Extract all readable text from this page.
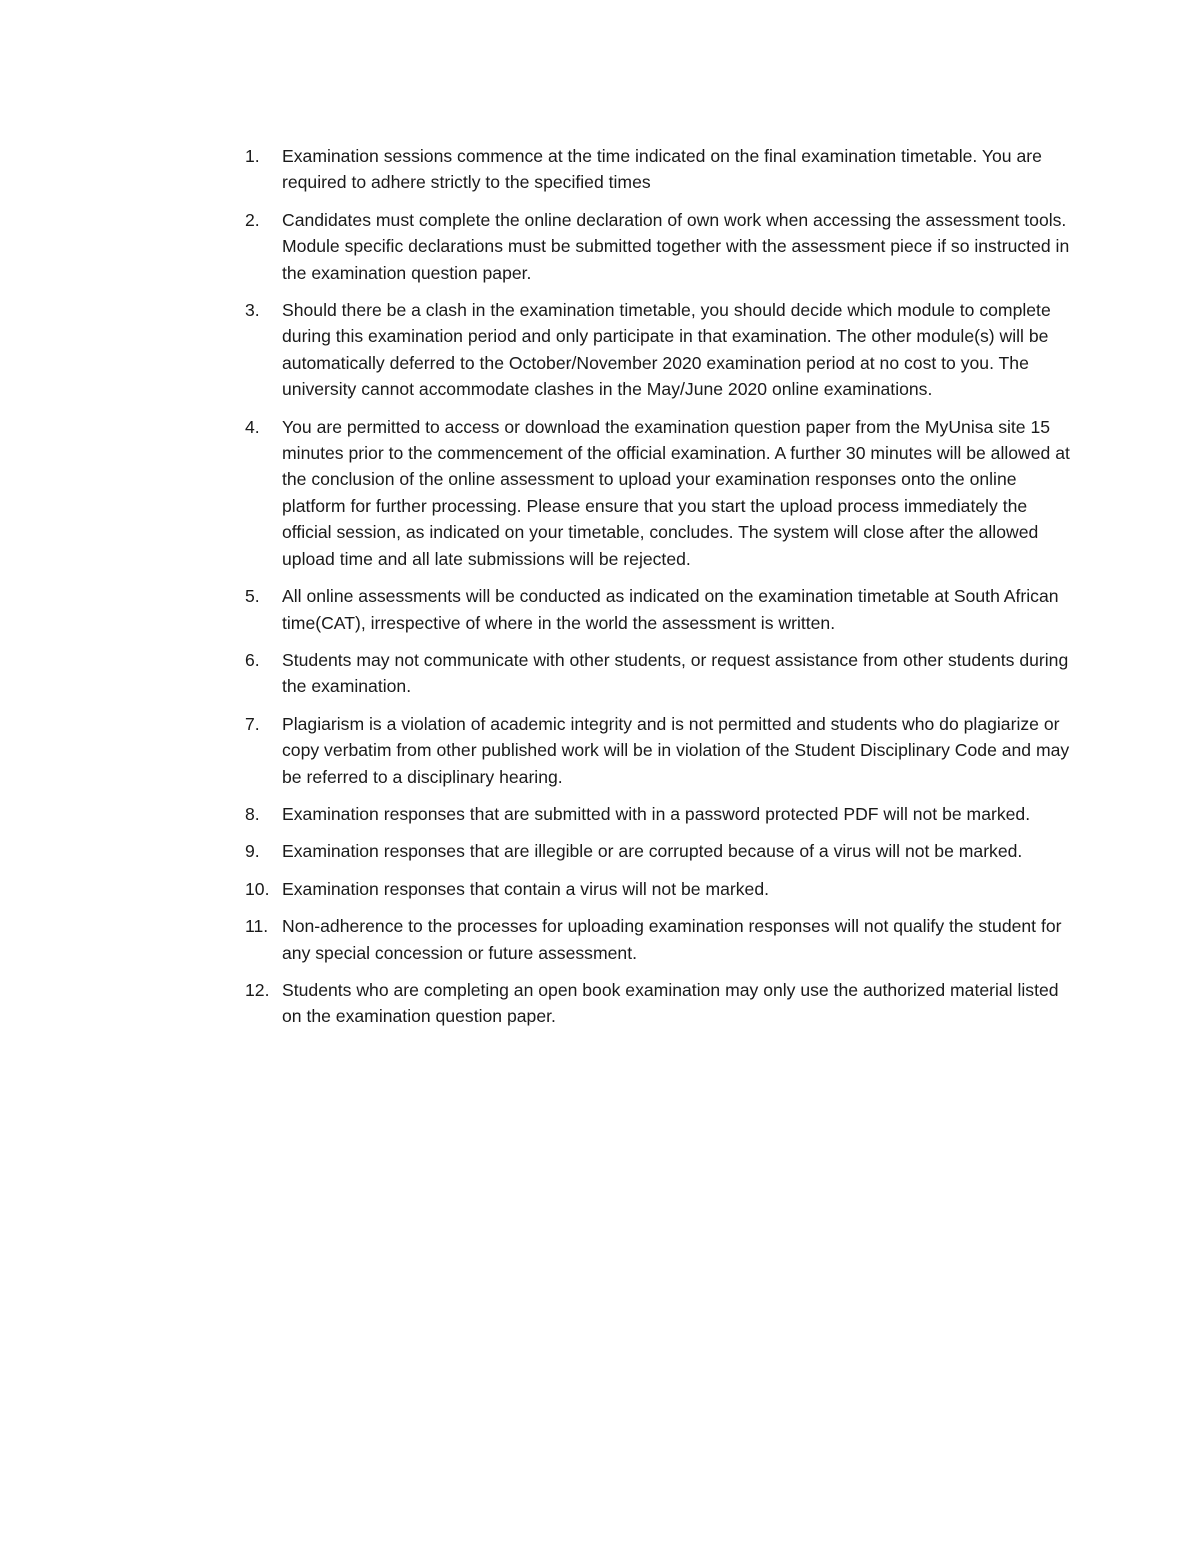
1.	Examination sessions commence at the time indicated on the final examination timetable. You are required to adhere strictly to the specified times
2.	Candidates must complete the online declaration of own work when accessing the assessment tools. Module specific declarations must be submitted together with the assessment piece if so instructed in the examination question paper.
3.	Should there be a clash in the examination timetable, you should decide which module to complete during this examination period and only participate in that examination. The other module(s) will be automatically deferred to the October/November 2020 examination period at no cost to you. The university cannot accommodate clashes in the May/June 2020 online examinations.
4.	You are permitted to access or download the examination question paper from the MyUnisa site 15 minutes prior to the commencement of the official examination. A further 30 minutes will be allowed at the conclusion of the online assessment to upload your examination responses onto the online platform for further processing. Please ensure that you start the upload process immediately the official session, as indicated on your timetable, concludes. The system will close after the allowed upload time and all late submissions will be rejected.
5.	All online assessments will be conducted as indicated on the examination timetable at South African time(CAT), irrespective of where in the world the assessment is written.
6.	Students may not communicate with other students, or request assistance from other students during the examination.
7.	Plagiarism is a violation of academic integrity and is not permitted and students who do plagiarize or copy verbatim from other published work will be in violation of the Student Disciplinary Code and may be referred to a disciplinary hearing.
8.	Examination responses that are submitted with in a password protected PDF will not be marked.
9.	Examination responses that are illegible or are corrupted because of a virus will not be marked.
10. Examination responses that contain a virus will not be marked.
11. Non-adherence to the processes for uploading examination responses will not qualify the student for any special concession or future assessment.
12. Students who are completing an open book examination may only use the authorized material listed on the examination question paper.
